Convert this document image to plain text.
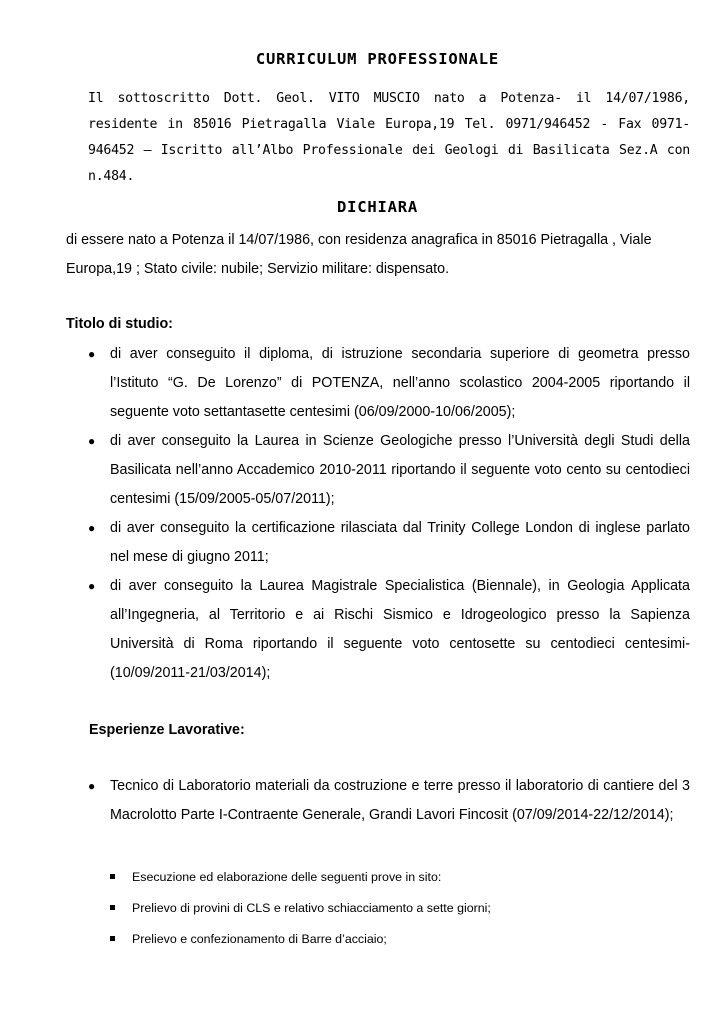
CURRICULUM PROFESSIONALE
Il sottoscritto Dott. Geol. VITO MUSCIO nato a Potenza- il 14/07/1986, residente in 85016 Pietragalla Viale Europa,19 Tel. 0971/946452 - Fax 0971-946452 – Iscritto all’Albo Professionale dei Geologi di Basilicata Sez.A con n.484.
DICHIARA
di essere nato a Potenza il 14/07/1986, con residenza anagrafica in 85016 Pietragalla , Viale Europa,19 ; Stato civile: nubile; Servizio militare: dispensato.
Titolo di studio:
● di aver conseguito il diploma, di istruzione secondaria superiore di geometra presso l’Istituto “G. De Lorenzo” di POTENZA, nell’anno scolastico 2004-2005 riportando il seguente voto settantasette centesimi (06/09/2000-10/06/2005);
● di aver conseguito la Laurea in Scienze Geologiche presso l’Università degli Studi della Basilicata nell’anno Accademico 2010-2011 riportando il seguente voto cento su centodieci centesimi (15/09/2005-05/07/2011);
● di aver conseguito la certificazione rilasciata dal Trinity College London di inglese parlato nel mese di giugno 2011;
● di aver conseguito la Laurea Magistrale Specialistica (Biennale), in Geologia Applicata all’Ingegneria, al Territorio e ai Rischi Sismico e Idrogeologico presso la Sapienza Università di Roma riportando il seguente voto centosette su centodieci centesimi-(10/09/2011-21/03/2014);
Esperienze Lavorative:
● Tecnico di Laboratorio materiali da costruzione e terre presso il laboratorio di cantiere del 3 Macrolotto Parte I-Contraente Generale, Grandi Lavori Fincosit (07/09/2014-22/12/2014);
Esecuzione ed elaborazione delle seguenti prove in sito:
Prelievo di provini di CLS e relativo schiacciamento a sette giorni;
Prelievo e confezionamento di Barre d’acciaio;
